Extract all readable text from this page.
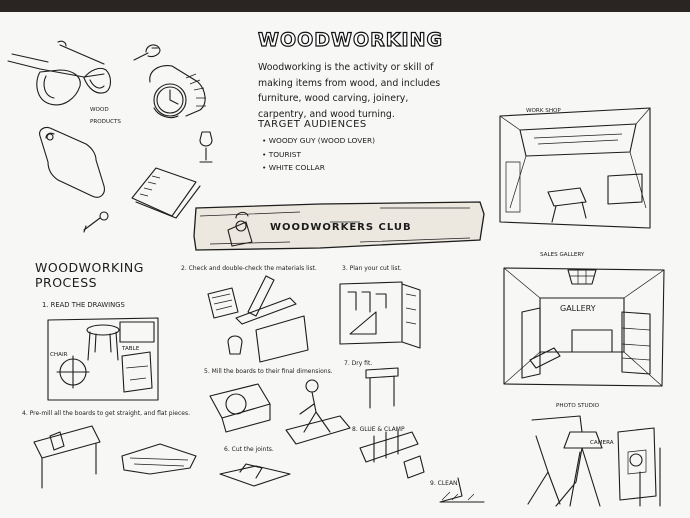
WOODWORKING
Woodworking is the activity or skill of making items from wood, and includes furniture, wood carving, joinery, carpentry, and wood turning.
TARGET AUDIENCES
• WOODY GUY (WOOD LOVER)
• TOURIST
• WHITE COLLAR
WOOD PRODUCTS
WOODWORKERS CLUB
WOODWORKING PROCESS
1. READ THE DRAWINGS
2. Check and double-check the materials list.	3. Plan your cut list.
4. Pre-mill all the boards to get straight, and flat pieces.
5. Mill the boards to their final dimensions.
6. Cut the joints.
7. Dry fit.
8. GLUE & CLAMP
9. CLEAN
CHAIR
TABLE
WORK SHOP
SALES GALLERY
GALLERY
PHOTO STUDIO
CAMERA
